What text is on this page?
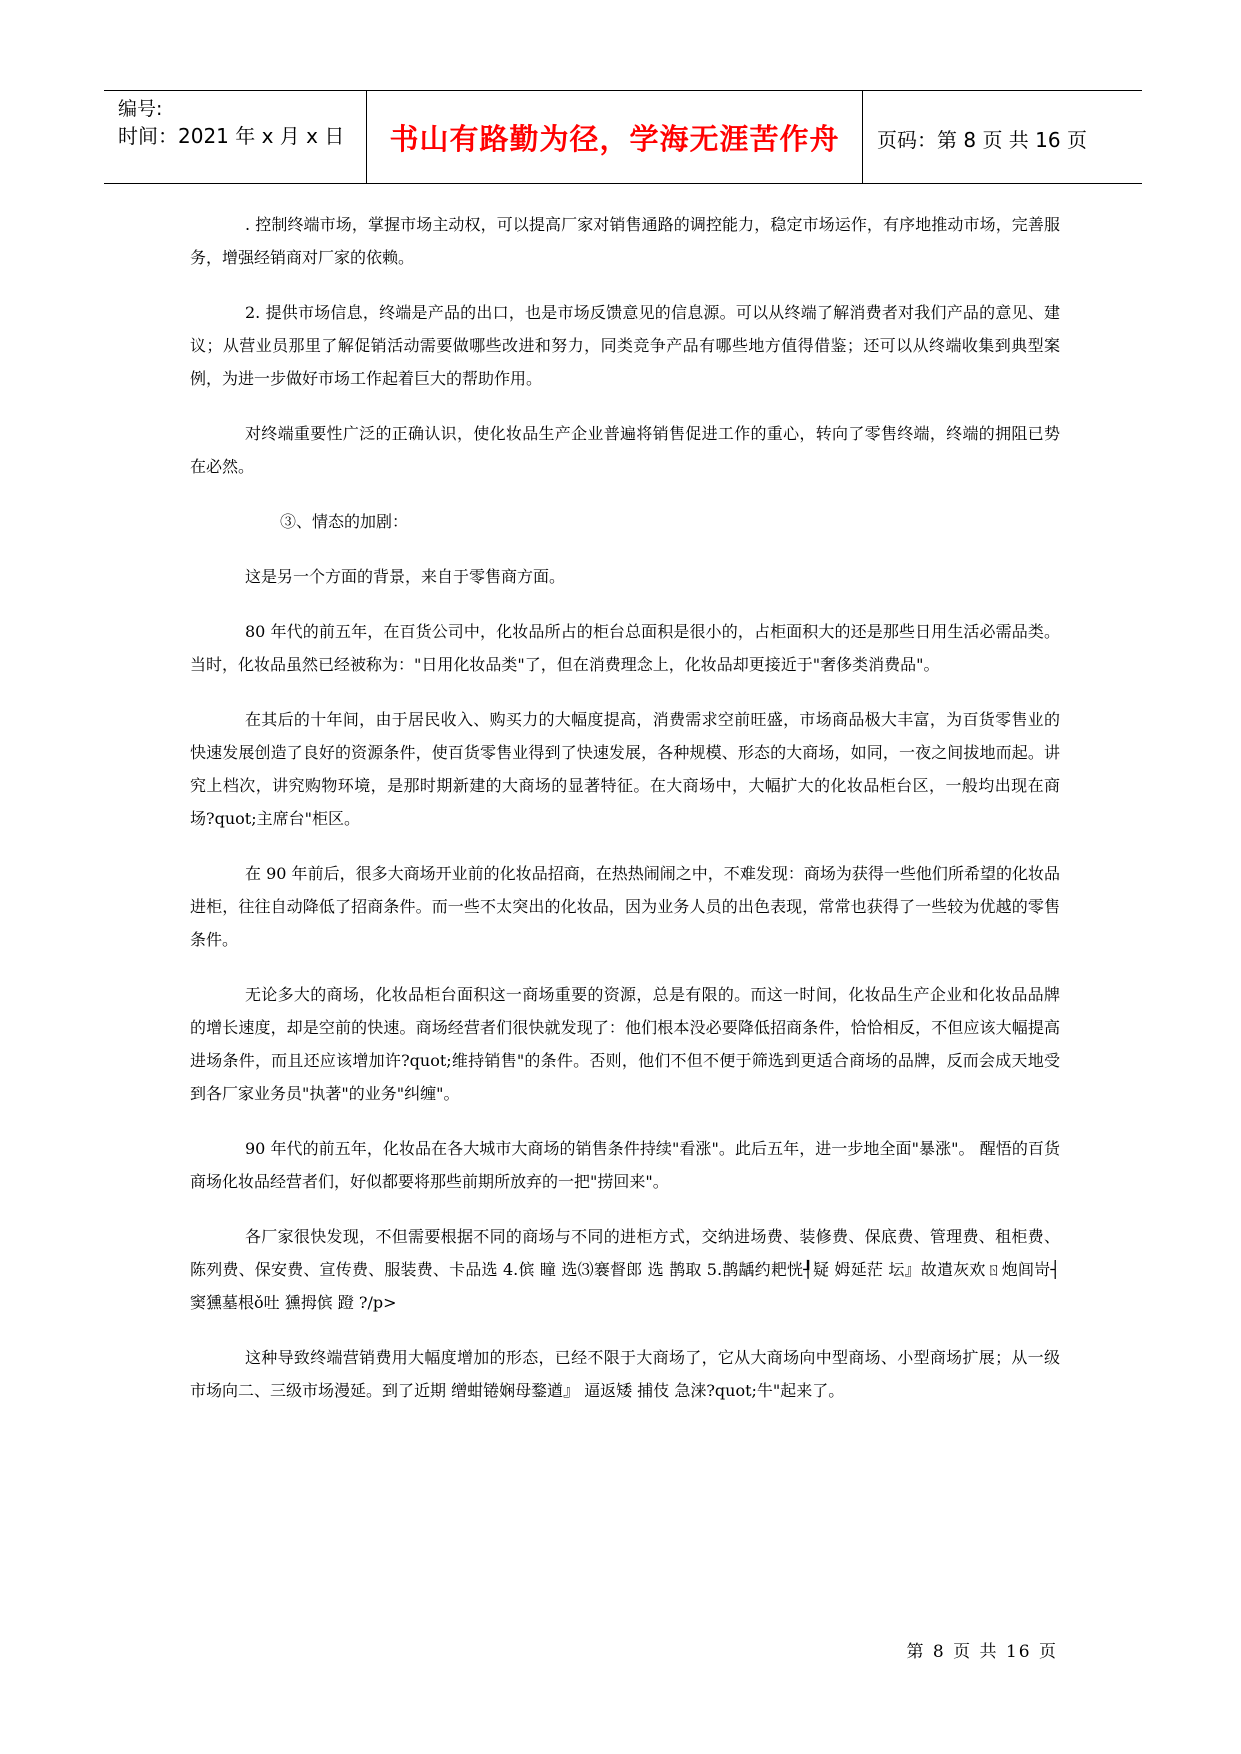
编号:
时间：2021 年 x 月 x 日	书山有路勤为径，学海无涯苦作舟	页码：第 8 页 共 16 页

. 控制终端市场，掌握市场主动权，可以提高厂家对销售通路的调控能力，稳定市场运作，有序地推动市场，完善服务，增强经销商对厂家的依赖。

2. 提供市场信息，终端是产品的出口，也是市场反馈意见的信息源。可以从终端了解消费者对我们产品的意见、建议；从营业员那里了解促销活动需要做哪些改进和努力，同类竞争产品有哪些地方值得借鉴；还可以从终端收集到典型案例，为进一步做好市场工作起着巨大的帮助作用。

对终端重要性广泛的正确认识，使化妆品生产企业普遍将销售促进工作的重心，转向了零售终端，终端的拥阻已势在必然。

③、情态的加剧：

这是另一个方面的背景，来自于零售商方面。

80 年代的前五年，在百货公司中，化妆品所占的柜台总面积是很小的，占柜面积大的还是那些日用生活必需品类。当时，化妆品虽然已经被称为："日用化妆品类"了，但在消费理念上，化妆品却更接近于"奢侈类消费品"。

在其后的十年间，由于居民收入、购买力的大幅度提高，消费需求空前旺盛，市场商品极大丰富，为百货零售业的快速发展创造了良好的资源条件，使百货零售业得到了快速发展，各种规模、形态的大商场，如同，一夜之间拔地而起。讲究上档次，讲究购物环境，是那时期新建的大商场的显著特征。在大商场中，大幅扩大的化妆品柜台区，一般均出现在商场?quot;主席台"柜区。

在 90 年前后，很多大商场开业前的化妆品招商，在热热闹闹之中，不难发现：商场为获得一些他们所希望的化妆品进柜，往往自动降低了招商条件。而一些不太突出的化妆品，因为业务人员的出色表现，常常也获得了一些较为优越的零售条件。

无论多大的商场，化妆品柜台面积这一商场重要的资源，总是有限的。而这一时间，化妆品生产企业和化妆品品牌的增长速度，却是空前的快速。商场经营者们很快就发现了：他们根本没必要降低招商条件，恰恰相反，不但应该大幅提高进场条件，而且还应该增加许?quot;维持销售"的条件。否则，他们不但不便于筛选到更适合商场的品牌，反而会成天地受到各厂家业务员"执著"的业务"纠缠"。

90 年代的前五年，化妆品在各大城市大商场的销售条件持续"看涨"。此后五年，进一步地全面"暴涨"。 醒悟的百货商场化妆品经营者们，好似都要将那些前期所放弃的一把"捞回来"。

各厂家很快发现，不但需要根据不同的商场与不同的进柜方式，交纳进场费、装修费、保底费、管理费、租柜费、陈列费、保安费、宣传费、服装费、卡品选 4.傧 瞳 选⑶褰督郎 选 鹊取 5.鹊龋约耙恍┦疑 姆延茫 坛』故遣灰欢ㄖ炮闾岢┤窦獯墓根ǒ吐 獯拇傧 蹬 ?/p>

这种导致终端营销费用大幅度增加的形态，已经不限于大商场了，它从大商场向中型商场、小型商场扩展；从一级市场向二、三级市场漫延。到了近期 缯蚶锩娴母鍪遒』 逼返矮 捕伎 急涞?quot;牛"起来了。

第 8 页 共 16 页
